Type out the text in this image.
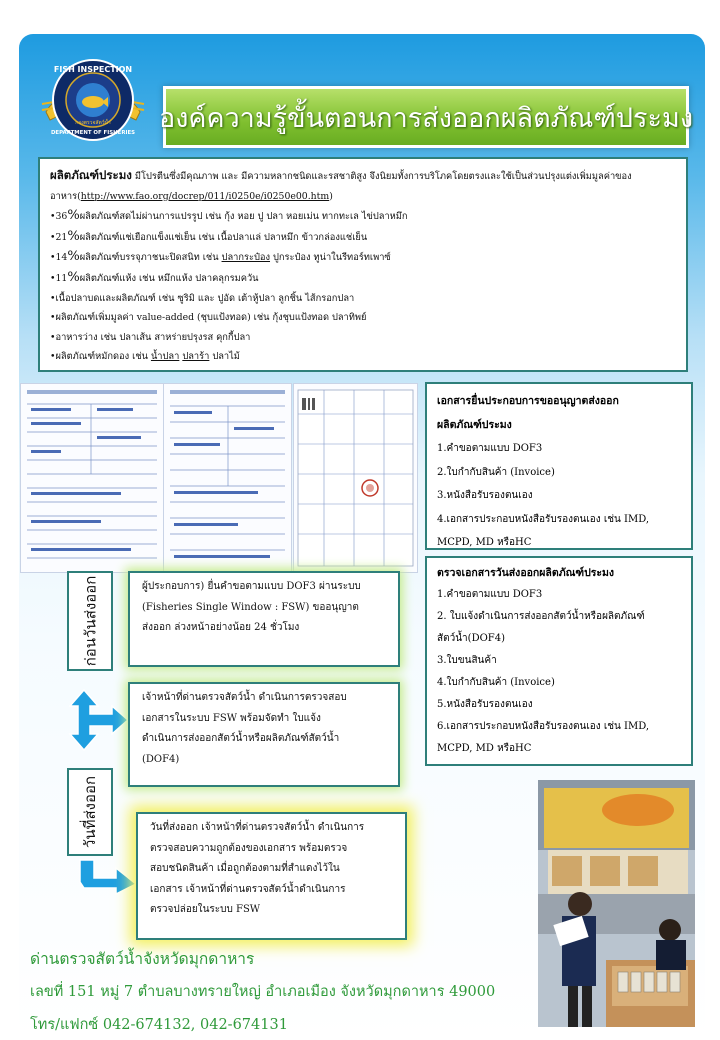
FISH INSPECTION
DEPARTMENT OF FISHERIES
กองตรวจสัตว์น้ำ องค์ความรู้ขั้นตอนการส่งออกผลิตภัณฑ์ประมง
ผลิตภัณฑ์ประมง มีโปรตีนซึ่งมีคุณภาพ และ มีความหลากชนิดและรสชาติสูง จึงนิยมทั้งการบริโภคโดยตรงและใช้เป็นส่วนปรุงแต่งเพิ่มมูลค่าของ
อาหาร(http://www.fao.org/docrep/011/i0250e/i0250e00.htm)
•36%ผลิตภัณฑ์สดไม่ผ่านการแปรรูป เช่น กุ้ง หอย ปู ปลา หอยเม่น ทากทะเล ไข่ปลาหมึก
•21%ผลิตภัณฑ์แช่เยือกแข็งแช่เย็น เช่น เนื้อปลาแล่ ปลาหมึก ข้าวกล่องแช่เย็น
•14%ผลิตภัณฑ์บรรจุภาชนะปิดสนิท เช่น ปลากระป๋อง ปูกระป๋อง ทูน่าในรีทอร์ทเพาซ์
•11%ผลิตภัณฑ์แห้ง เช่น หมึกแห้ง ปลาคลุกรมควัน
•เนื้อปลาบดและผลิตภัณฑ์ เช่น ซูริมิ และ ปูอัด เต้าหู้ปลา ลูกชิ้น ไส้กรอกปลา
•ผลิตภัณฑ์เพิ่มมูลค่า value-added (ชุบแป้งทอด) เช่น กุ้งชุบแป้งทอด ปลาทิพย์
•อาหารว่าง เช่น ปลาเส้น สาหร่ายปรุงรส คุกกี้ปลา
•ผลิตภัณฑ์หมักดอง เช่น น้ำปลา ปลาร้า ปลาไม้
เอกสารยื่นประกอบการขออนุญาตส่งออก
ผลิตภัณฑ์ประมง
1.คำขอตามแบบ DOF3
2.ใบกำกับสินค้า (Invoice)
3.หนังสือรับรองตนเอง
4.เอกสารประกอบหนังสือรับรองตนเอง เช่น IMD,
MCPD, MD หรือHC
ตรวจเอกสารวันส่งออกผลิตภัณฑ์ประมง
1.คำขอตามแบบ DOF3
2. ใบแจ้งดำเนินการส่งออกสัตว์น้ำหรือผลิตภัณฑ์
สัตว์น้ำ(DOF4)
3.ใบขนสินค้า
4.ใบกำกับสินค้า (Invoice)
5.หนังสือรับรองตนเอง
6.เอกสารประกอบหนังสือรับรองตนเอง เช่น IMD,
MCPD, MD หรือHC
ก่อนวันส่งออก
วันที่ส่งออก
ผู้ประกอบการ) ยื่นคำขอตามแบบ DOF3 ผ่านระบบ
(Fisheries Single Window : FSW) ขออนุญาต
ส่งออก ล่วงหน้าอย่างน้อย 24 ชั่วโมง
เจ้าหน้าที่ด่านตรวจสัตว์น้ำ ดำเนินการตรวจสอบ
เอกสารในระบบ FSW พร้อมจัดทำ ใบแจ้ง
ดำเนินการส่งออกสัตว์น้ำหรือผลิตภัณฑ์สัตว์น้ำ
(DOF4)
วันที่ส่งออก เจ้าหน้าที่ด่านตรวจสัตว์น้ำ ดำเนินการ
ตรวจสอบความถูกต้องของเอกสาร พร้อมตรวจ
สอบชนิดสินค้า เมื่อถูกต้องตามที่สำแดงไว้ใน
เอกสาร เจ้าหน้าที่ด่านตรวจสัตว์น้ำดำเนินการ
ตรวจปล่อยในระบบ FSW
ด่านตรวจสัตว์น้ำจังหวัดมุกดาหาร
เลขที่ 151 หมู่ 7 ตำบลบางทรายใหญ่ อำเภอเมือง จังหวัดมุกดาหาร 49000
โทร/แฟกซ์ 042-674132, 042-674131
